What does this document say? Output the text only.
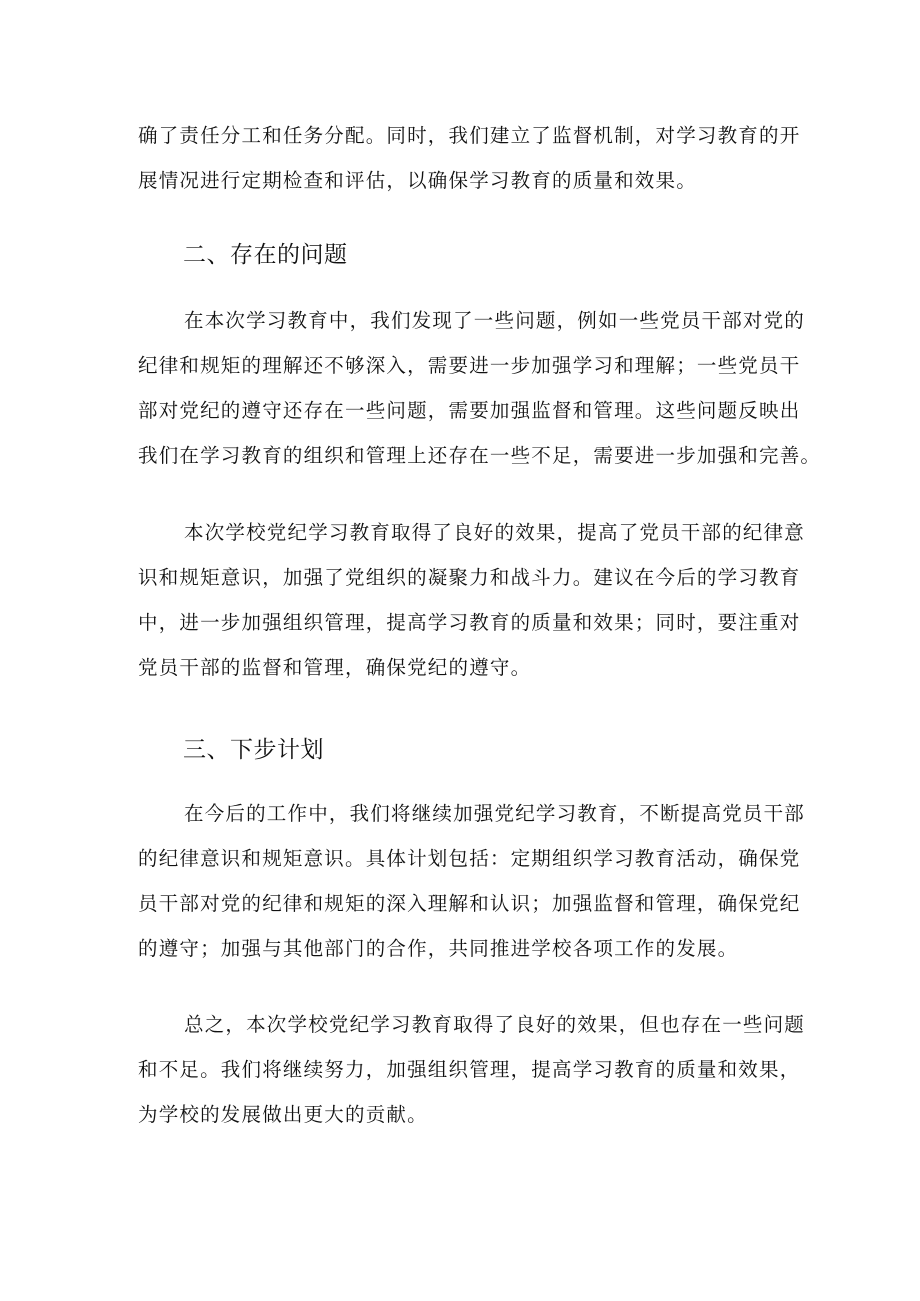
确了责任分工和任务分配。同时，我们建立了监督机制，对学习教育的开
展情况进行定期检查和评估，以确保学习教育的质量和效果。

二、存在的问题

在本次学习教育中，我们发现了一些问题，例如一些党员干部对党的
纪律和规矩的理解还不够深入，需要进一步加强学习和理解；一些党员干
部对党纪的遵守还存在一些问题，需要加强监督和管理。这些问题反映出
我们在学习教育的组织和管理上还存在一些不足，需要进一步加强和完善。

本次学校党纪学习教育取得了良好的效果，提高了党员干部的纪律意
识和规矩意识，加强了党组织的凝聚力和战斗力。建议在今后的学习教育
中，进一步加强组织管理，提高学习教育的质量和效果；同时，要注重对
党员干部的监督和管理，确保党纪的遵守。

三、下步计划

在今后的工作中，我们将继续加强党纪学习教育，不断提高党员干部
的纪律意识和规矩意识。具体计划包括：定期组织学习教育活动，确保党
员干部对党的纪律和规矩的深入理解和认识；加强监督和管理，确保党纪
的遵守；加强与其他部门的合作，共同推进学校各项工作的发展。

总之，本次学校党纪学习教育取得了良好的效果，但也存在一些问题
和不足。我们将继续努力，加强组织管理，提高学习教育的质量和效果，
为学校的发展做出更大的贡献。
